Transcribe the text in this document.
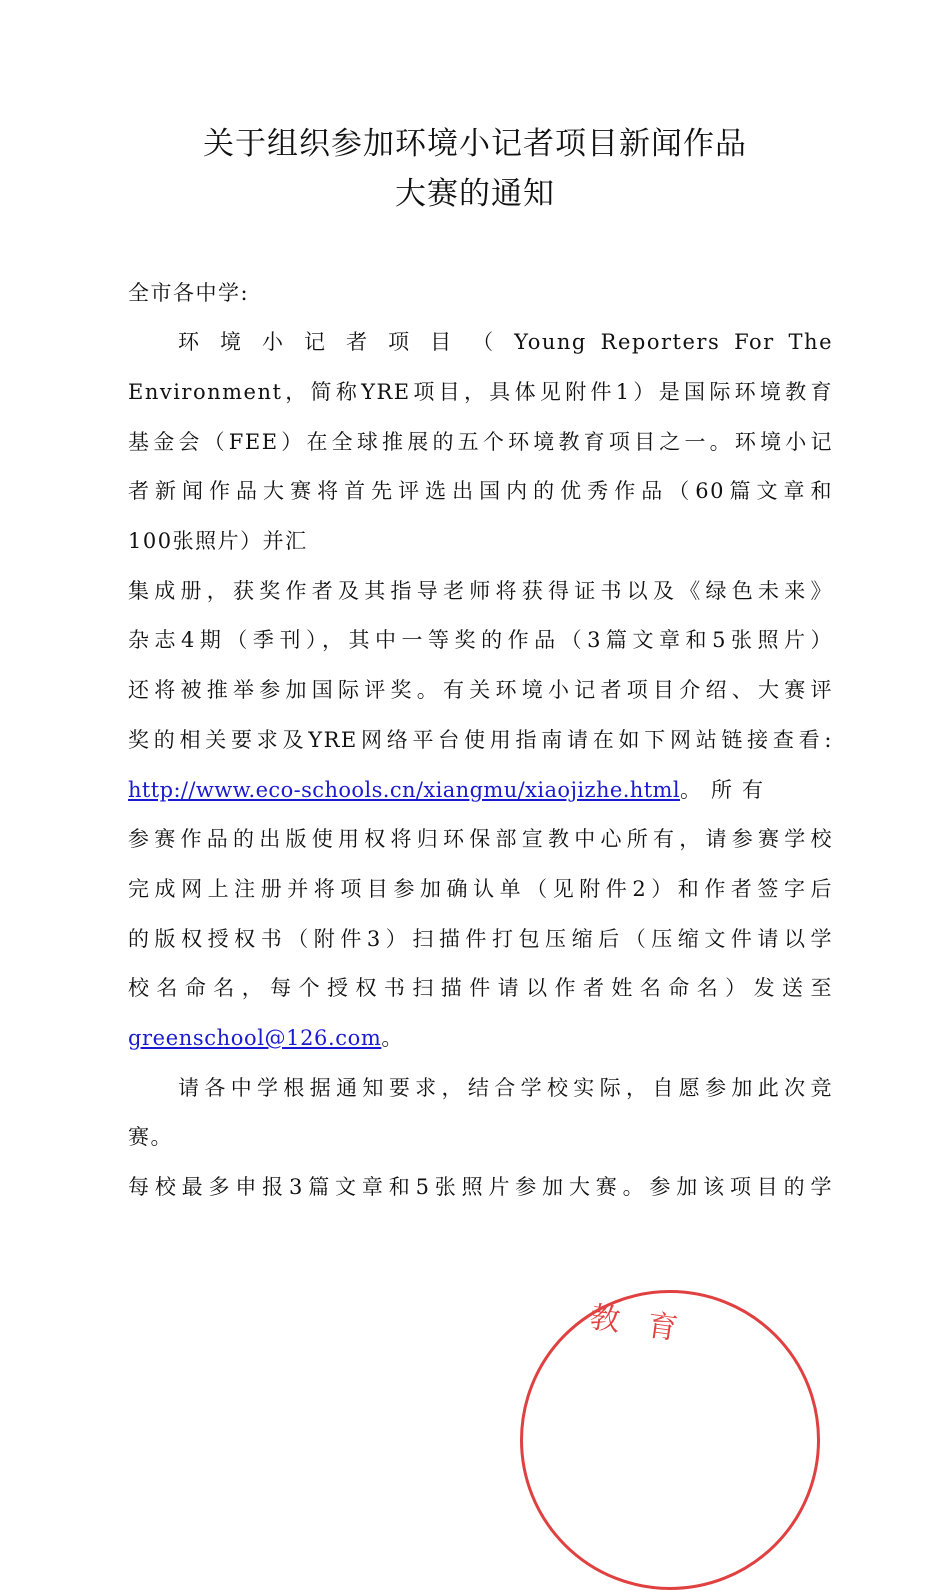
关于组织参加环境小记者项目新闻作品
大赛的通知
全市各中学:
环 境 小 记 者 项 目 （ Young Reporters For The
Environment，简称YRE项目，具体见附件1）是国际环境教育
基金会（FEE）在全球推展的五个环境教育项目之一。环境小记
者新闻作品大赛将首先评选出国内的优秀作品（60篇文章和
100张照片）并汇
集成册，获奖作者及其指导老师将获得证书以及《绿色未来》
杂志4期（季刊），其中一等奖的作品（3篇文章和5张照片）
还将被推举参加国际评奖。有关环境小记者项目介绍、大赛评
奖的相关要求及YRE网络平台使用指南请在如下网站链接查看:
http://www.eco-schools.cn/xiangmu/xiaojizhe.html。所有
参赛作品的出版使用权将归环保部宣教中心所有，请参赛学校
完成网上注册并将项目参加确认单（见附件2）和作者签字后
的版权授权书（附件3）扫描件打包压缩后（压缩文件请以学
校名命名，每个授权书扫描件请以作者姓名命名）发送至
greenschool@126.com。
请各中学根据通知要求，结合学校实际，自愿参加此次竞
赛。
每校最多申报3篇文章和5张照片参加大赛。参加该项目的学
教育
